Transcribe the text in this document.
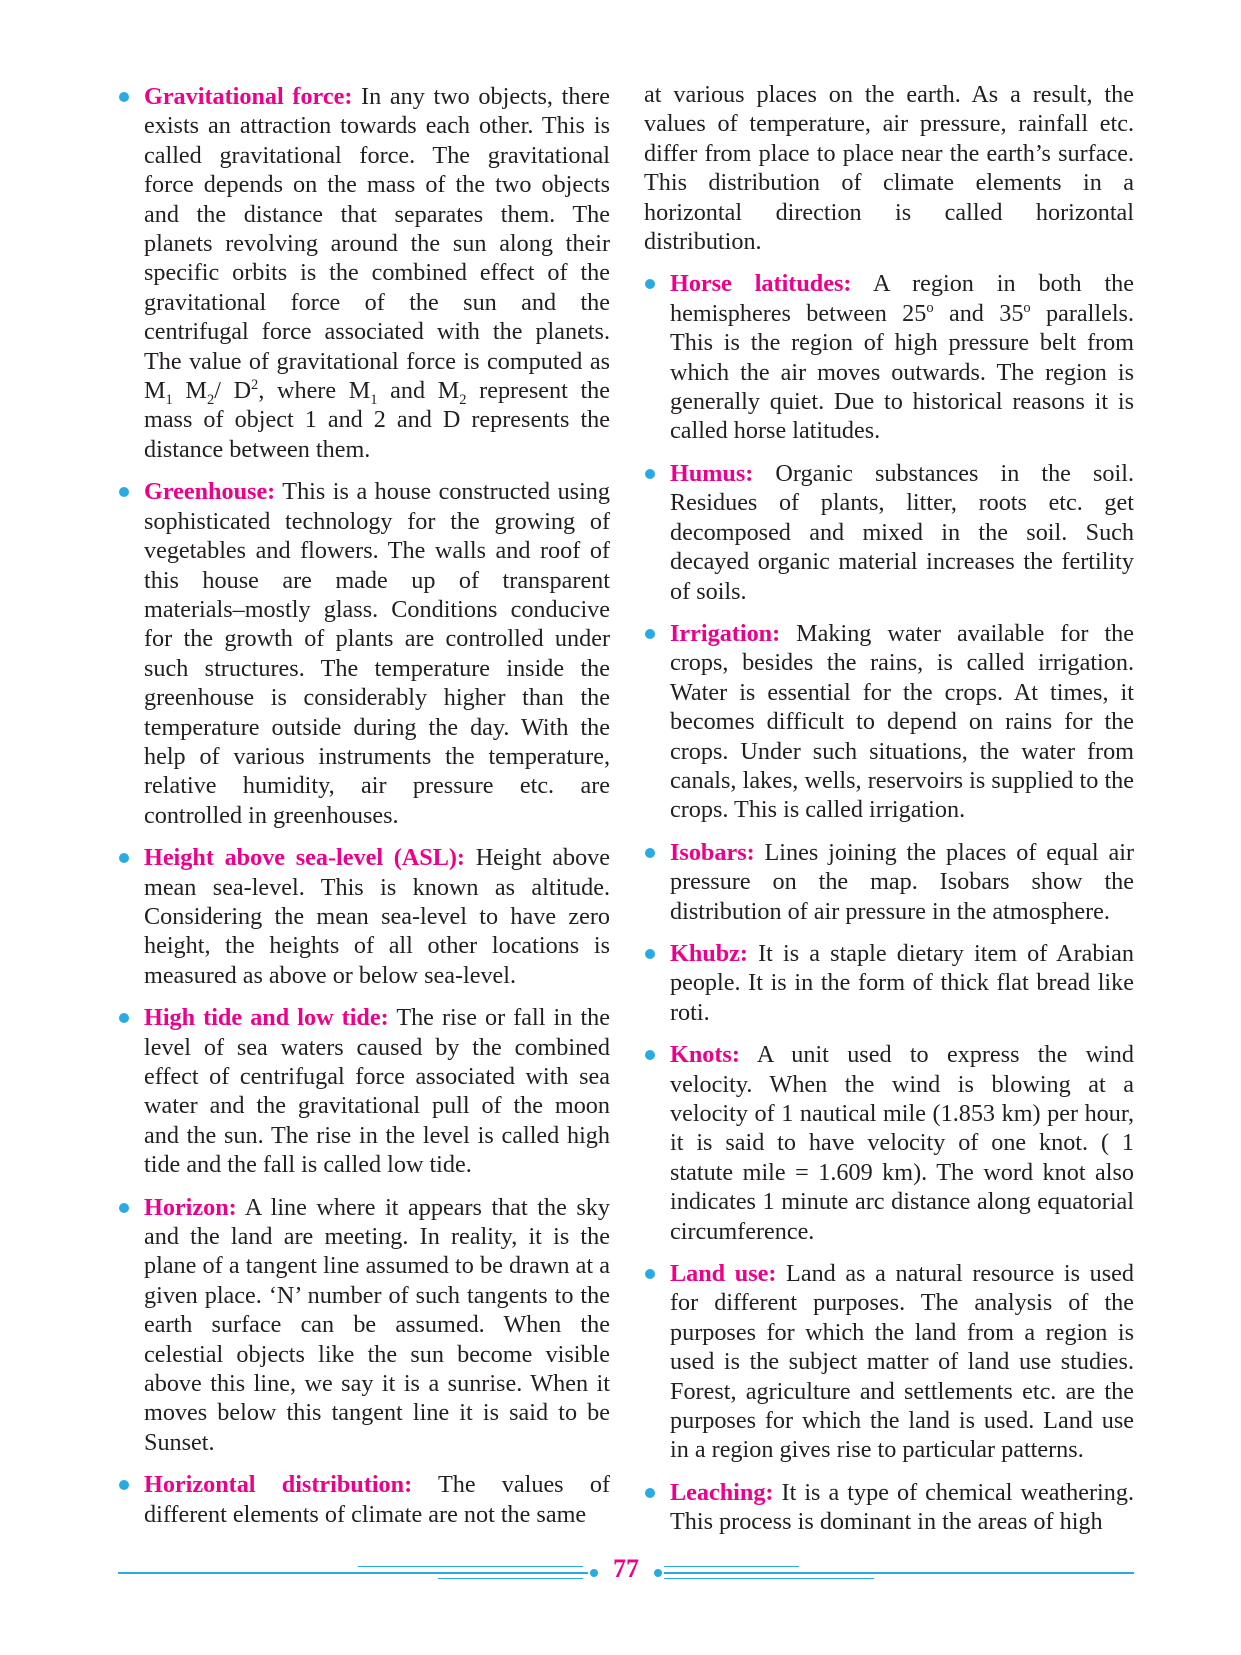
Gravitational force: In any two objects, there exists an attraction towards each other. This is called gravitational force. The gravitational force depends on the mass of the two objects and the distance that separates them. The planets revolving around the sun along their specific orbits is the combined effect of the gravitational force of the sun and the centrifugal force associated with the planets. The value of gravitational force is computed as $M_1$ $M_2/$ $D^2$, where $M_1$ and $M_2$ represent the mass of object 1 and 2 and D represents the distance between them.
Greenhouse: This is a house constructed using sophisticated technology for the growing of vegetables and flowers. The walls and roof of this house are made up of transparent materials–mostly glass. Conditions conducive for the growth of plants are controlled under such structures. The temperature inside the greenhouse is considerably higher than the temperature outside during the day. With the help of various instruments the temperature, relative humidity, air pressure etc. are controlled in greenhouses.
Height above sea-level (ASL): Height above mean sea-level. This is known as altitude. Considering the mean sea-level to have zero height, the heights of all other locations is measured as above or below sea-level.
High tide and low tide: The rise or fall in the level of sea waters caused by the combined effect of centrifugal force associated with sea water and the gravitational pull of the moon and the sun. The rise in the level is called high tide and the fall is called low tide.
Horizon: A line where it appears that the sky and the land are meeting. In reality, it is the plane of a tangent line assumed to be drawn at a given place. ‘N’ number of such tangents to the earth surface can be assumed. When the celestial objects like the sun become visible above this line, we say it is a sunrise. When it moves below this tangent line it is said to be Sunset.
Horizontal distribution: The values of different elements of climate are not the same
at various places on the earth. As a result, the values of temperature, air pressure, rainfall etc. differ from place to place near the earth’s surface. This distribution of climate elements in a horizontal direction is called horizontal distribution.
Horse latitudes: A region in both the hemispheres between 25$^o$ and 35$^o$ parallels. This is the region of high pressure belt from which the air moves outwards. The region is generally quiet. Due to historical reasons it is called horse latitudes.
Humus: Organic substances in the soil. Residues of plants, litter, roots etc. get decomposed and mixed in the soil. Such decayed organic material increases the fertility of soils.
Irrigation: Making water available for the crops, besides the rains, is called irrigation. Water is essential for the crops. At times, it becomes difficult to depend on rains for the crops. Under such situations, the water from canals, lakes, wells, reservoirs is supplied to the crops. This is called irrigation.
Isobars: Lines joining the places of equal air pressure on the map. Isobars show the distribution of air pressure in the atmosphere.
Khubz: It is a staple dietary item of Arabian people. It is in the form of thick flat bread like roti.
Knots: A unit used to express the wind velocity. When the wind is blowing at a velocity of 1 nautical mile (1.853 km) per hour, it is said to have velocity of one knot. ( 1 statute mile = 1.609 km). The word knot also indicates 1 minute arc distance along equatorial circumference.
Land use: Land as a natural resource is used for different purposes. The analysis of the purposes for which the land from a region is used is the subject matter of land use studies. Forest, agriculture and settlements etc. are the purposes for which the land is used. Land use in a region gives rise to particular patterns.
Leaching: It is a type of chemical weathering. This process is dominant in the areas of high
77
